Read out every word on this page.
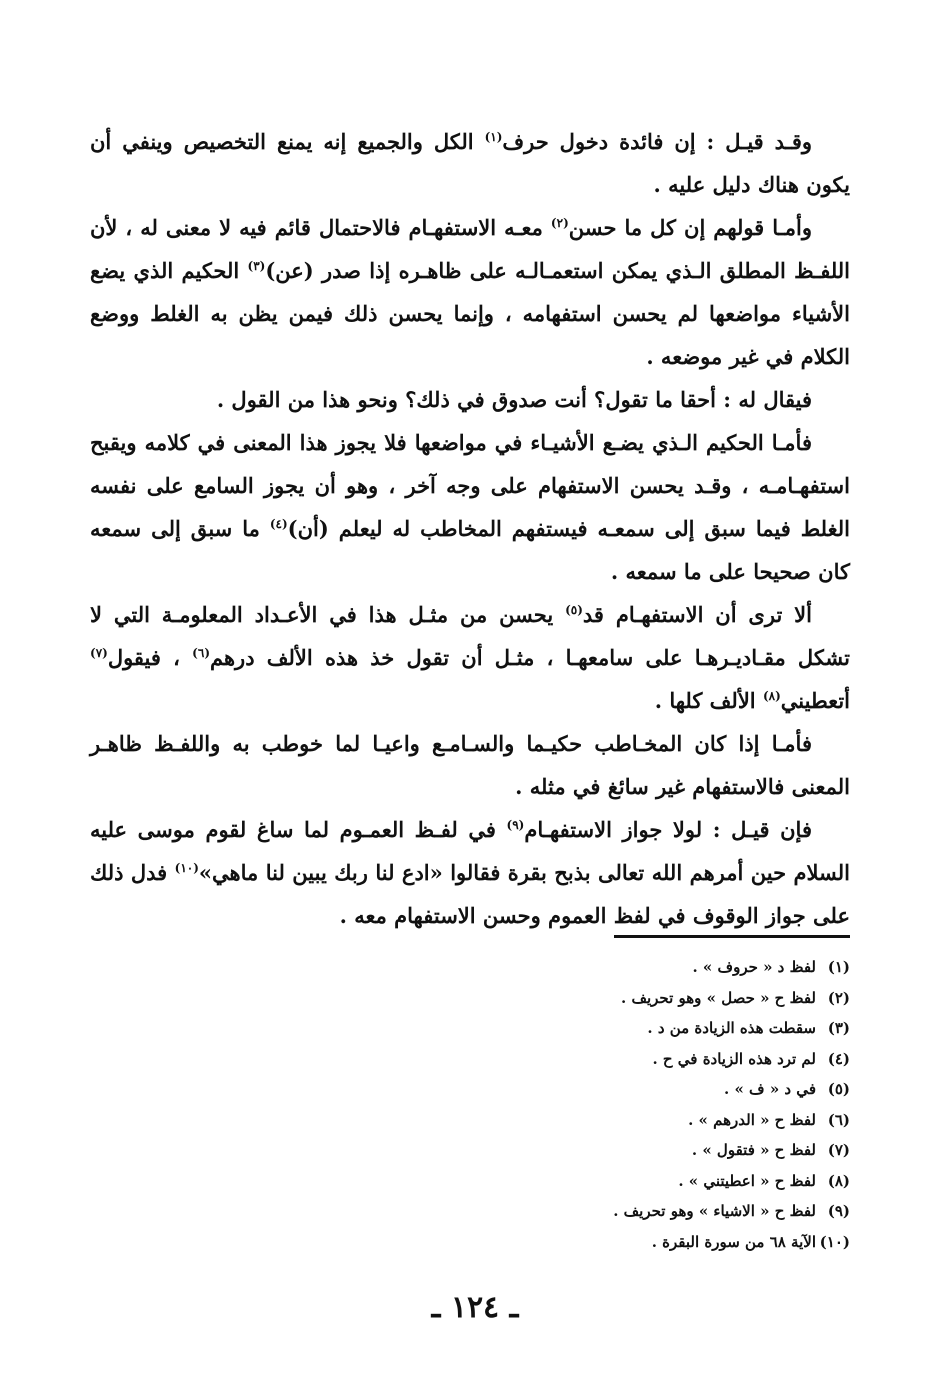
وقـد قيـل : إن فائدة دخول حرف$^{(١)}$ الكل والجميع إنه يمنع التخصيص وينفي أن يكون هناك دليل عليه .

وأمـا قولهم إن كل ما حسن$^{(٢)}$ معـه الاستفهـام فالاحتمال قائم فيه لا معنى له ، لأن اللفـظ المطلق الـذي يمكن استعمـالـه على ظاهـره إذا صدر (عن)$^{(٣)}$ الحكيم الذي يضع الأشياء مواضعها لم يحسن استفهامه ، وإنما يحسن ذلك فيمن يظن به الغلط ووضع الكلام في غير موضعه .

فيقال له : أحقا ما تقول؟ أنت صدوق في ذلك؟ ونحو هذا من القول .

فأمـا الحكيم الـذي يضـع الأشيـاء في مواضعها فلا يجوز هذا المعنى في كلامه ويقبح استفهـامـه ، وقـد يحسن الاستفهام على وجه آخر ، وهو أن يجوز السامع على نفسه الغلط فيما سبق إلى سمعـه فيستفهم المخاطب له ليعلم (أن)$^{(٤)}$ ما سبق إلى سمعه كان صحيحا على ما سمعه .

ألا ترى أن الاستفهـام قد$^{(٥)}$ يحسن من مثـل هذا في الأعـداد المعلومـة التي لا تشكل مقـاديـرهـا على سامعهـا ، مثـل أن تقول خذ هذه الألف درهم$^{(٦)}$ ، فيقول$^{(٧)}$ أتعطيني$^{(٨)}$ الألف كلها .

فأمـا إذا كان المخـاطب حكيـما والسـامـع واعيـا لما خوطب به واللفـظ ظاهـر المعنى فالاستفهام غير سائغ في مثله .

فإن قيـل : لولا جواز الاستفهـام$^{(٩)}$ في لفـظ العمـوم لما ساغ لقوم موسى عليه السلام حين أمرهم الله تعالى بذبح بقرة فقالوا «ادع لنا ربك يبين لنا ماهي»$^{(١٠)}$ فدل ذلك على جواز الوقوف في لفظ العموم وحسن الاستفهام معه .

(١)لفظ د « حروف » .
(٢)لفظ ح « حصل » وهو تحريف .
(٣)سقطت هذه الزيادة من د .
(٤)لم ترد هذه الزيادة في ح .
(٥)في د « ف » .
(٦)لفظ ح « الدرهم » .
(٧)لفظ ح « فتقول » .
(٨)لفظ ح « اعطيتني » .
(٩)لفظ ح « الاشياء » وهو تحريف .
(١٠)الآية ٦٨ من سورة البقرة .
ـ ١٢٤ ـ
